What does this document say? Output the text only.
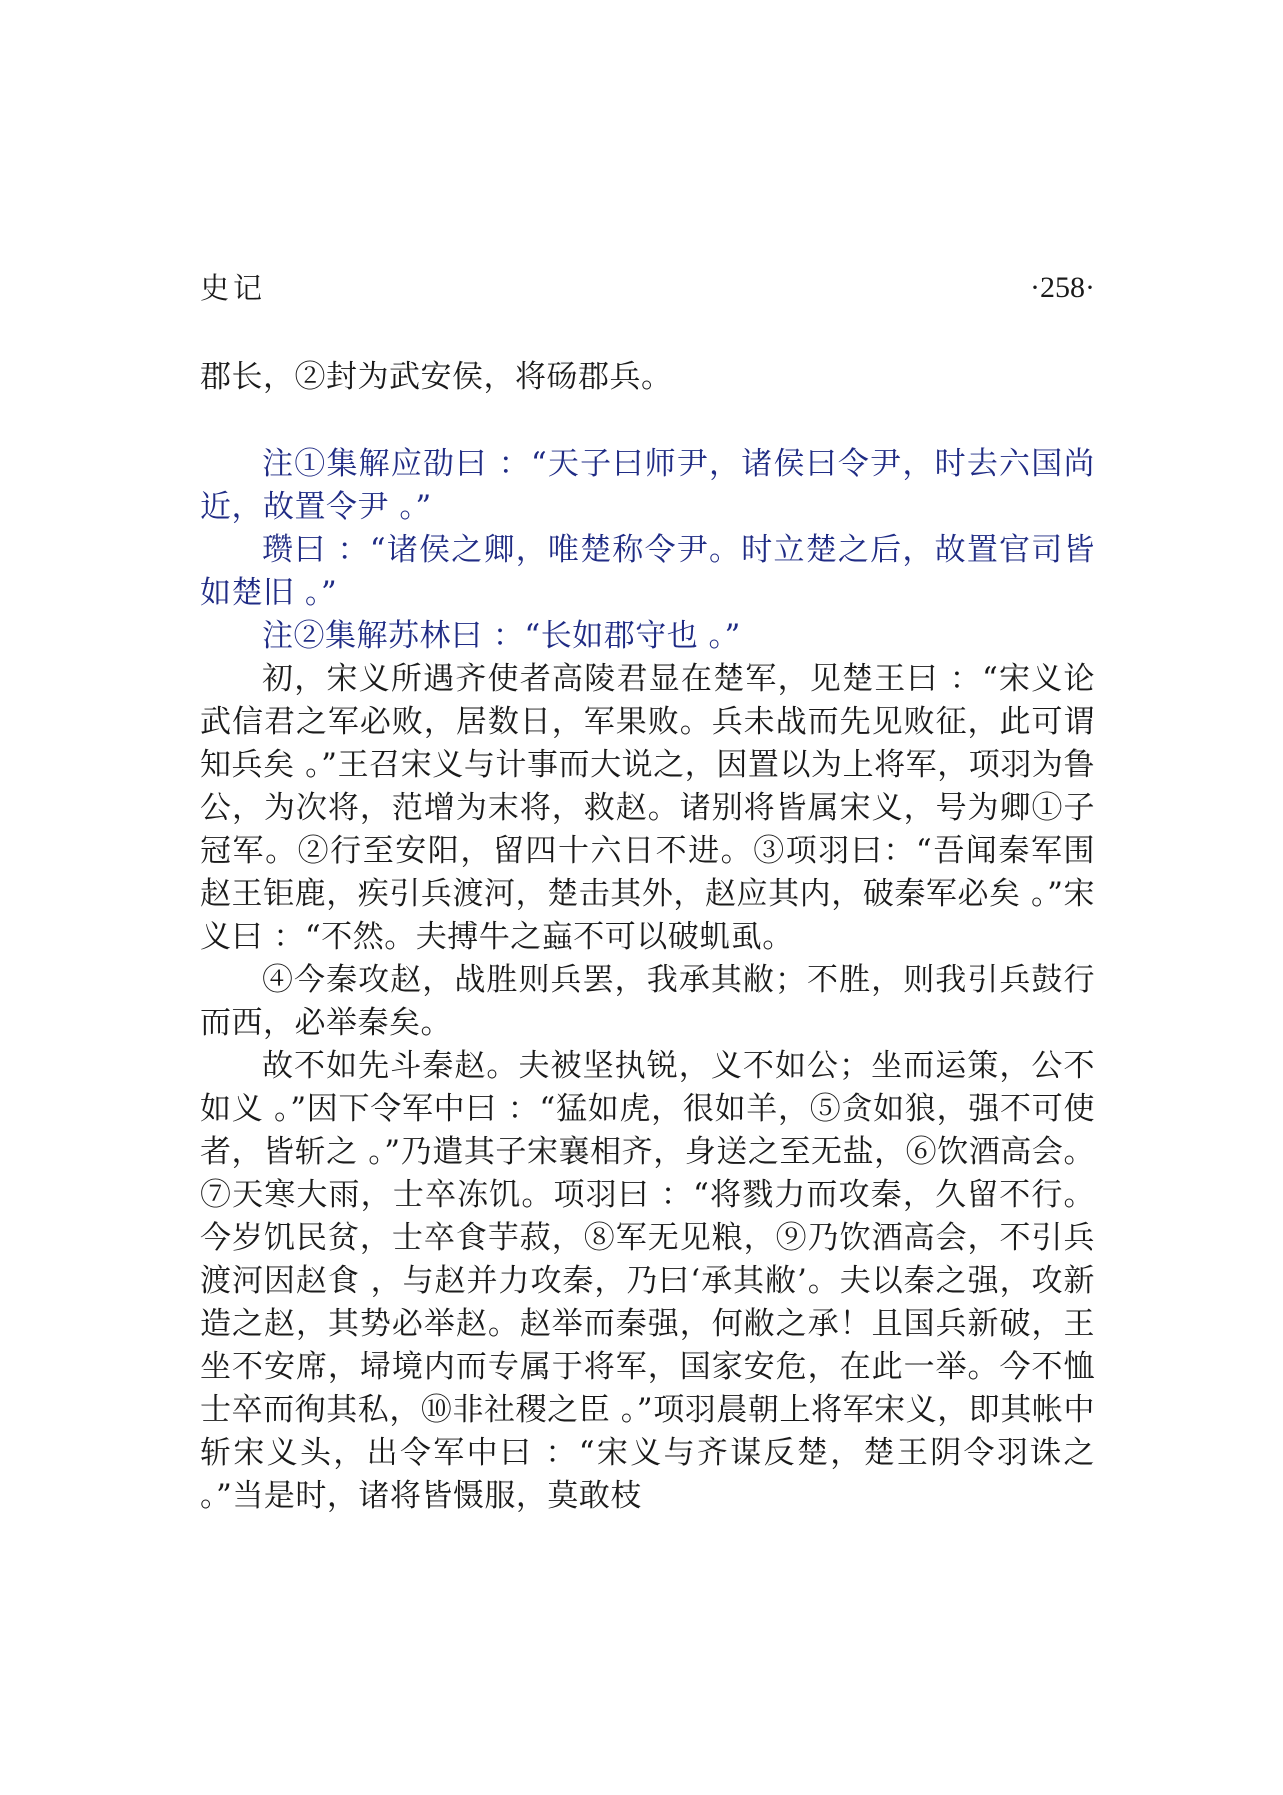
史记	·258·

郡长，②封为武安侯，将砀郡兵。

注①集解应劭曰 ：“天子曰师尹，诸侯曰令尹，时去六国尚近，故置令尹 。”

瓒曰 ：“诸侯之卿，唯楚称令尹。时立楚之后，故置官司皆如楚旧 。”

注②集解苏林曰 ：“长如郡守也 。”

初，宋义所遇齐使者高陵君显在楚军，见楚王曰 ：“宋义论武信君之军必败，居数日，军果败。兵未战而先见败征，此可谓知兵矣 。”王召宋义与计事而大说之，因置以为上将军，项羽为鲁公，为次将，范增为末将，救赵。诸别将皆属宋义，号为卿①子冠军。②行至安阳，留四十六日不进。③项羽曰：“吾闻秦军围赵王钜鹿，疾引兵渡河，楚击其外，赵应其内，破秦军必矣 。”宋义曰 ：“不然。夫搏牛之蝱不可以破虮虱。

④今秦攻赵，战胜则兵罢，我承其敝；不胜，则我引兵鼓行而西，必举秦矣。

故不如先斗秦赵。夫被坚执锐，义不如公；坐而运策，公不如义 。”因下令军中曰 ：“猛如虎，很如羊，⑤贪如狼，强不可使者，皆斩之 。”乃遣其子宋襄相齐，身送之至无盐，⑥饮酒高会。⑦天寒大雨，士卒冻饥。项羽曰 ：“将戮力而攻秦，久留不行。今岁饥民贫，士卒食芋菽，⑧军无见粮，⑨乃饮酒高会，不引兵渡河因赵食 ，与赵并力攻秦，乃曰‘承其敝’。夫以秦之强，攻新造之赵，其势必举赵。赵举而秦强，何敝之承！且国兵新破，王坐不安席，埽境内而专属于将军，国家安危，在此一举。今不恤士卒而徇其私，⑩非社稷之臣 。”项羽晨朝上将军宋义，即其帐中斩宋义头，出令军中曰 ：“宋义与齐谋反楚，楚王阴令羽诛之 。”当是时，诸将皆慑服，莫敢枝
